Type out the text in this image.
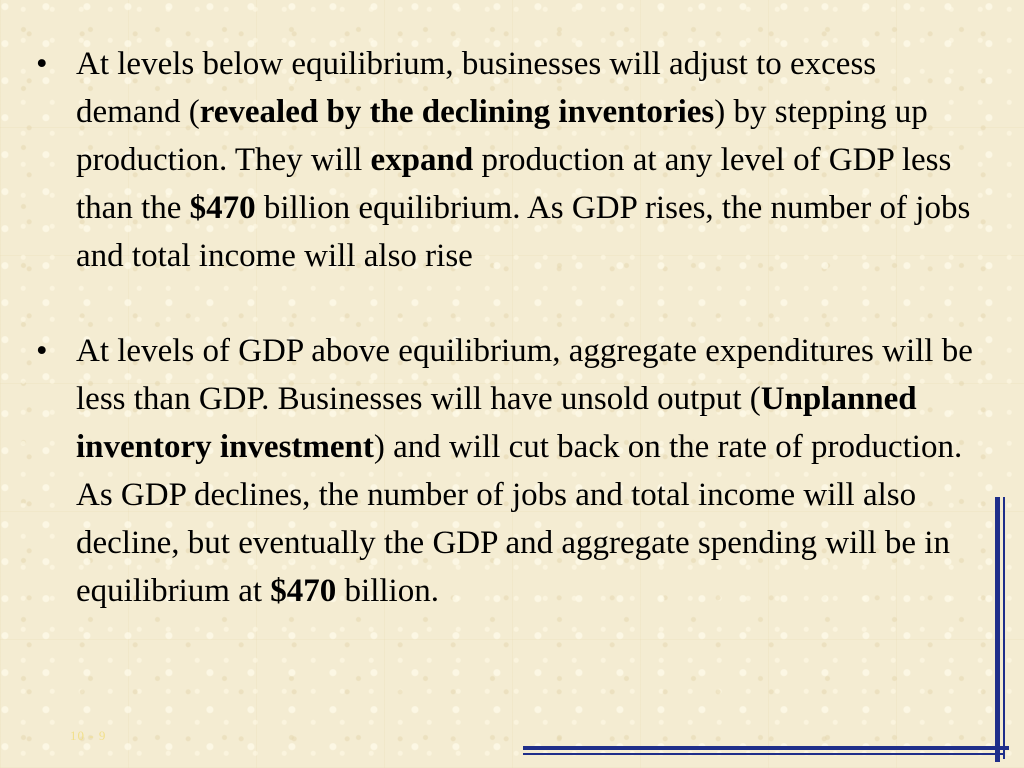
• At levels below equilibrium, businesses will adjust to excess demand (revealed by the declining inventories) by stepping up production. They will expand production at any level of GDP less than the $470 billion equilibrium. As GDP rises, the number of jobs and total income will also rise
• At levels of GDP above equilibrium, aggregate expenditures will be less than GDP. Businesses will have unsold output (Unplanned inventory investment) and will cut back on the rate of production. As GDP declines, the number of jobs and total income will also decline, but eventually the GDP and aggregate spending will be in equilibrium at $470 billion.
10 - 9
